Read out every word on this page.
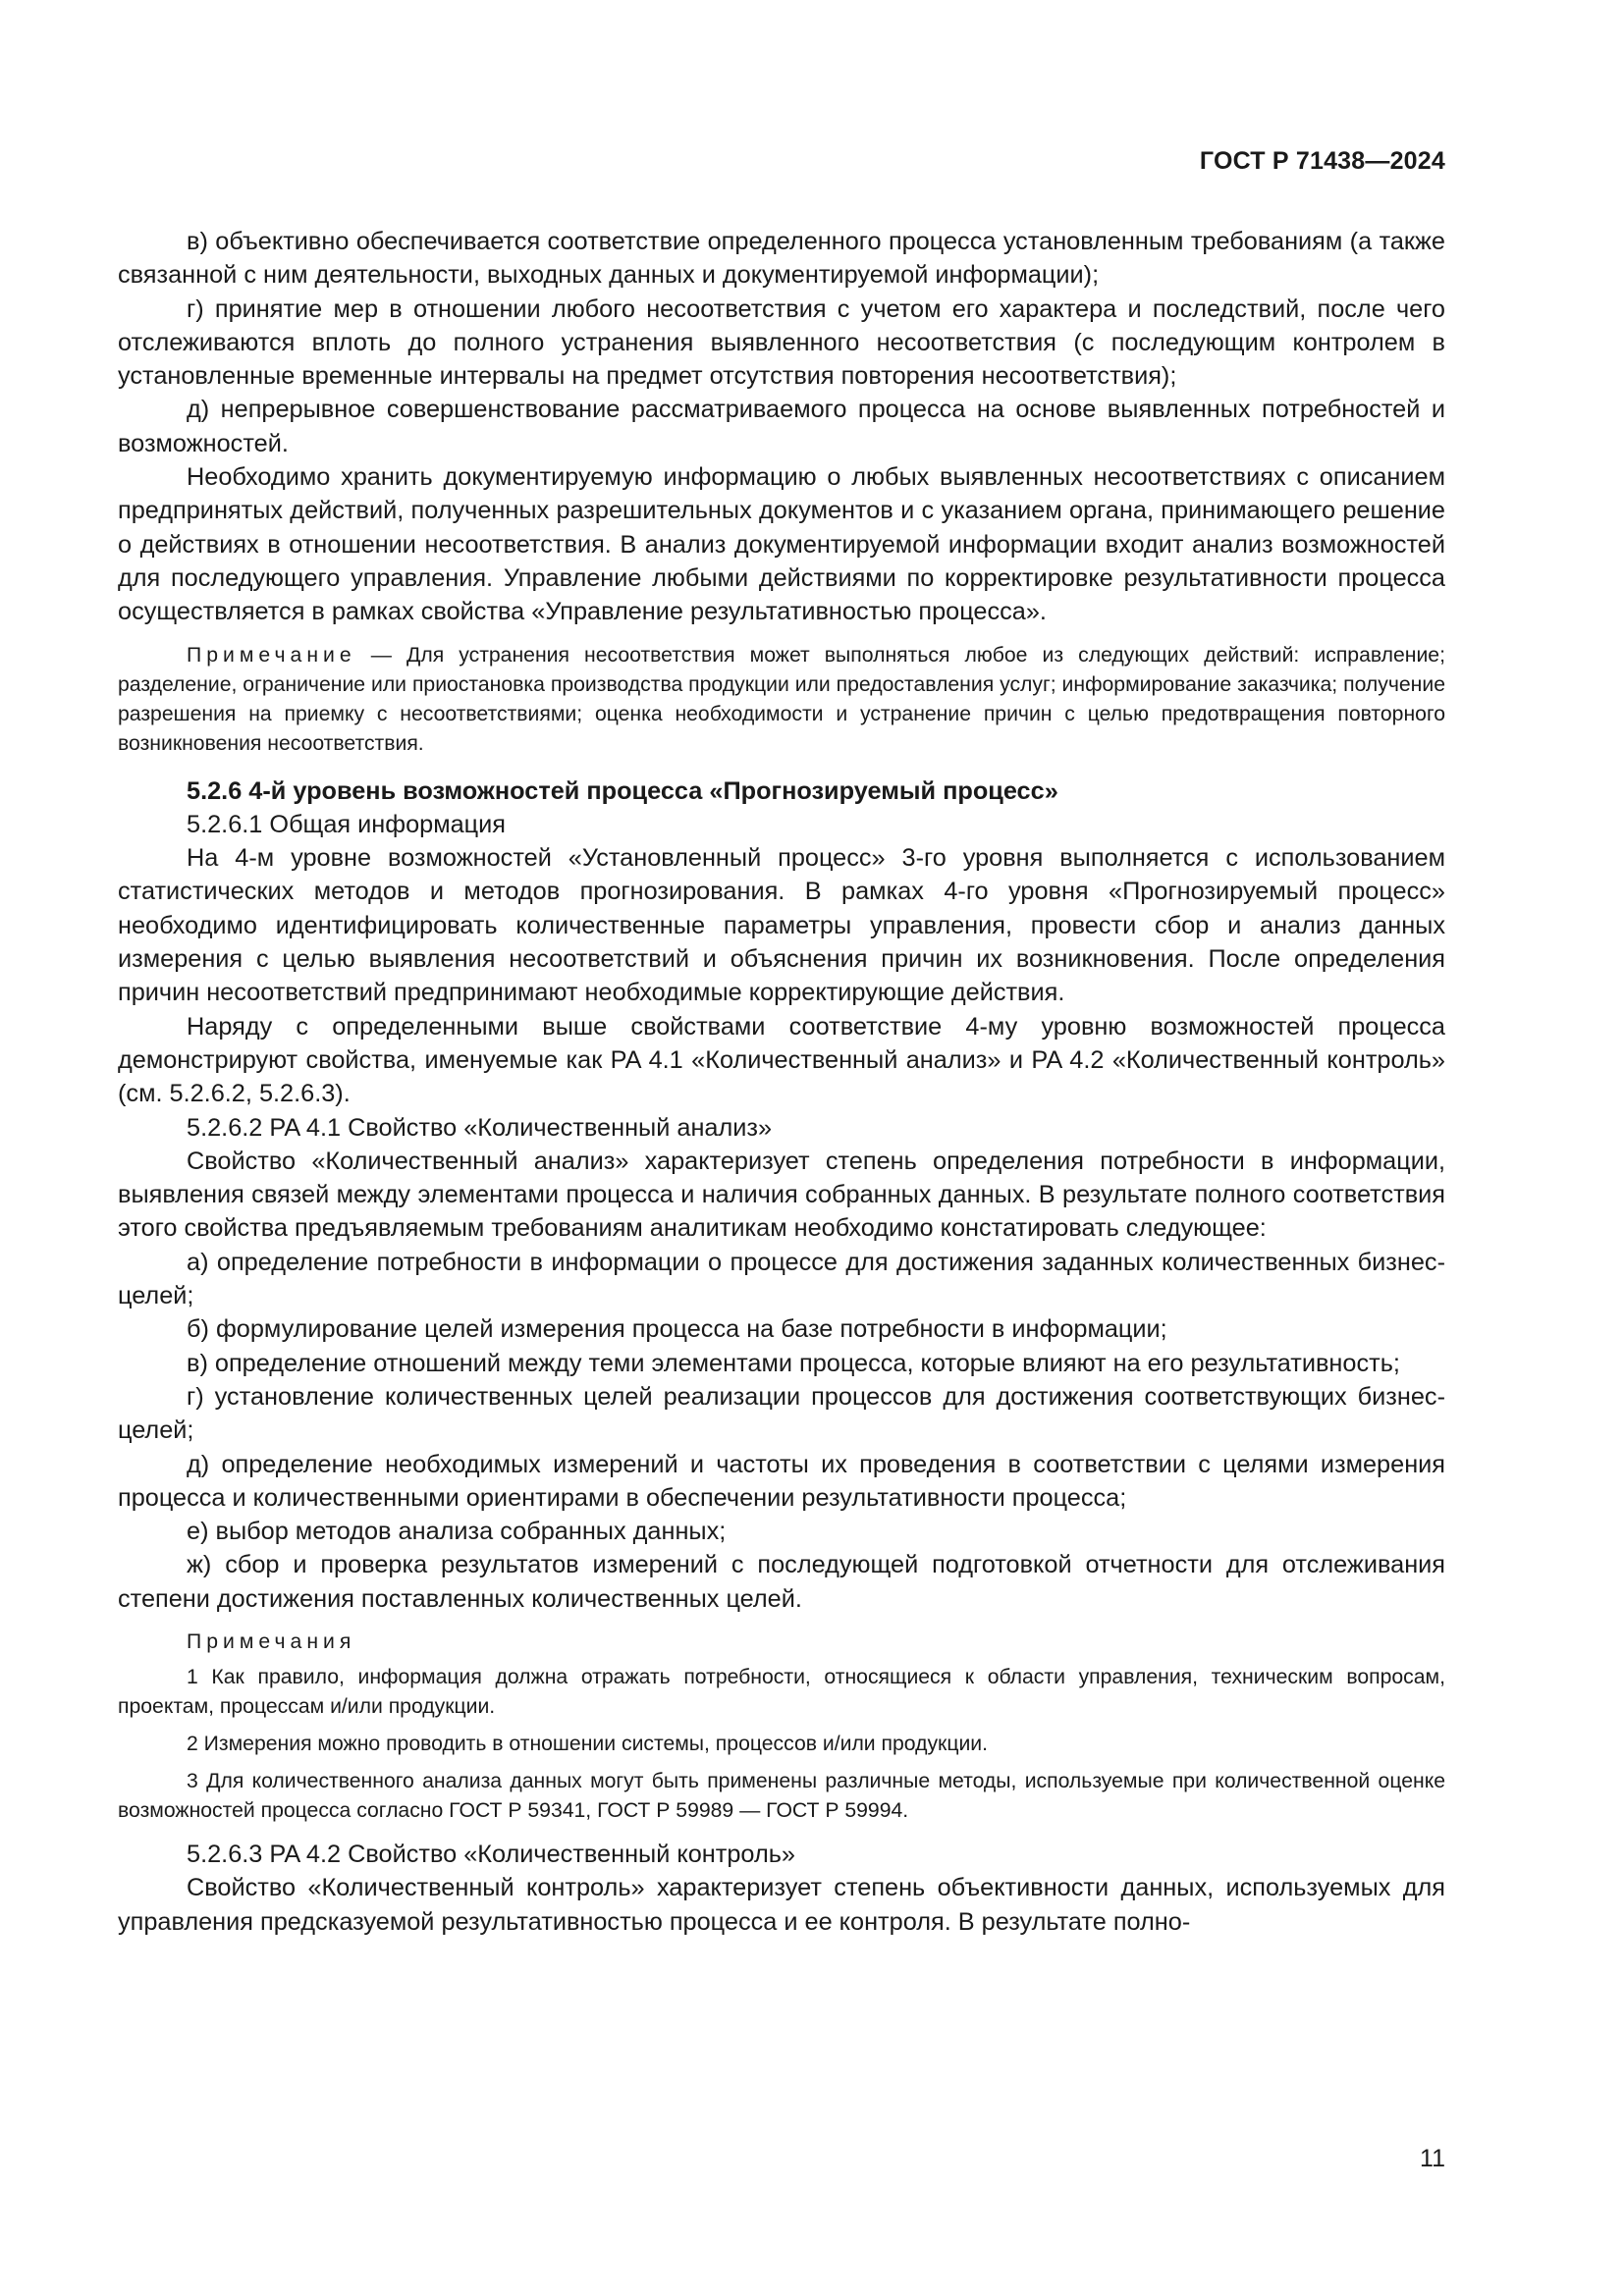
ГОСТ Р 71438—2024

в) объективно обеспечивается соответствие определенного процесса установленным требованиям (а также связанной с ним деятельности, выходных данных и документируемой информации);

г) принятие мер в отношении любого несоответствия с учетом его характера и последствий, после чего отслеживаются вплоть до полного устранения выявленного несоответствия (с последующим контролем в установленные временные интервалы на предмет отсутствия повторения несоответствия);

д) непрерывное совершенствование рассматриваемого процесса на основе выявленных потребностей и возможностей.

Необходимо хранить документируемую информацию о любых выявленных несоответствиях с описанием предпринятых действий, полученных разрешительных документов и с указанием органа, принимающего решение о действиях в отношении несоответствия. В анализ документируемой информации входит анализ возможностей для последующего управления. Управление любыми действиями по корректировке результативности процесса осуществляется в рамках свойства «Управление результативностью процесса».

Примечание — Для устранения несоответствия может выполняться любое из следующих действий: исправление; разделение, ограничение или приостановка производства продукции или предоставления услуг; информирование заказчика; получение разрешения на приемку с несоответствиями; оценка необходимости и устранение причин с целью предотвращения повторного возникновения несоответствия.

5.2.6 4-й уровень возможностей процесса «Прогнозируемый процесс»

5.2.6.1 Общая информация

На 4-м уровне возможностей «Установленный процесс» 3-го уровня выполняется с использованием статистических методов и методов прогнозирования. В рамках 4-го уровня «Прогнозируемый процесс» необходимо идентифицировать количественные параметры управления, провести сбор и анализ данных измерения с целью выявления несоответствий и объяснения причин их возникновения. После определения причин несоответствий предпринимают необходимые корректирующие действия.

Наряду с определенными выше свойствами соответствие 4-му уровню возможностей процесса демонстрируют свойства, именуемые как PA 4.1 «Количественный анализ» и PA 4.2 «Количественный контроль» (см. 5.2.6.2, 5.2.6.3).

5.2.6.2 PA 4.1 Свойство «Количественный анализ»

Свойство «Количественный анализ» характеризует степень определения потребности в информации, выявления связей между элементами процесса и наличия собранных данных. В результате полного соответствия этого свойства предъявляемым требованиям аналитикам необходимо констатировать следующее:

а) определение потребности в информации о процессе для достижения заданных количественных бизнес-целей;

б) формулирование целей измерения процесса на базе потребности в информации;

в) определение отношений между теми элементами процесса, которые влияют на его результативность;

г) установление количественных целей реализации процессов для достижения соответствующих бизнес-целей;

д) определение необходимых измерений и частоты их проведения в соответствии с целями измерения процесса и количественными ориентирами в обеспечении результативности процесса;

е) выбор методов анализа собранных данных;

ж) сбор и проверка результатов измерений с последующей подготовкой отчетности для отслеживания степени достижения поставленных количественных целей.

Примечания

1 Как правило, информация должна отражать потребности, относящиеся к области управления, техническим вопросам, проектам, процессам и/или продукции.

2 Измерения можно проводить в отношении системы, процессов и/или продукции.

3 Для количественного анализа данных могут быть применены различные методы, используемые при количественной оценке возможностей процесса согласно ГОСТ Р 59341, ГОСТ Р 59989 — ГОСТ Р 59994.

5.2.6.3 PA 4.2 Свойство «Количественный контроль»

Свойство «Количественный контроль» характеризует степень объективности данных, используемых для управления предсказуемой результативностью процесса и ее контроля. В результате полно-

11
